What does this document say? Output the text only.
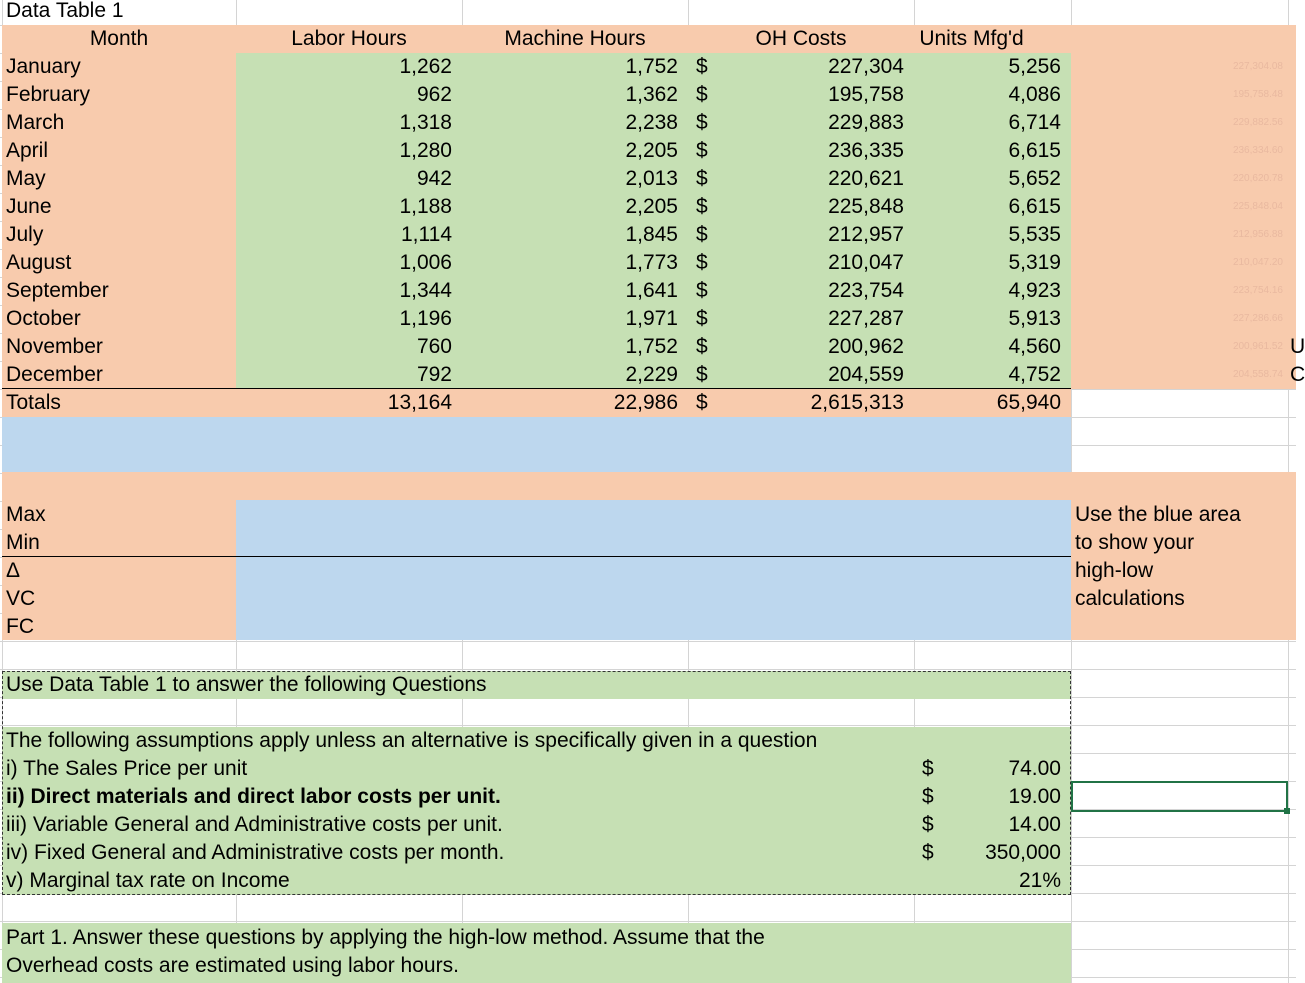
Data Table 1
Month	Labor Hours	Machine Hours	OH Costs	Units Mfg'd
January	1,262	1,752 $	227,304	5,256	227,304.08
February	962	1,362 $	195,758	4,086	195,758.48
March	1,318	2,238 $	229,883	6,714	229,882.56
April	1,280	2,205 $	236,335	6,615	236,334.60
May	942	2,013 $	220,621	5,652	220,620.78
June	1,188	2,205 $	225,848	6,615	225,848.04
July	1,114	1,845 $	212,957	5,535	212,956.88
August	1,006	1,773 $	210,047	5,319	210,047.20
September	1,344	1,641 $	223,754	4,923	223,754.16
October	1,196	1,971 $	227,287	5,913	227,286.66
November	760	1,752 $	200,962	4,560	200,961.52
December	792	2,229 $	204,559	4,752	204,558.74
Totals	13,164	22,986 $	2,615,313	65,940
Max
Min
Δ
VC
FC
Use the blue area
to show your
high-low
calculations
Use Data Table 1 to answer the following Questions
The following assumptions apply unless an alternative is specifically given in a question
i) The Sales Price per unit	$	74.00
ii) Direct materials and direct labor costs per unit.	$	19.00
iii) Variable General and Administrative costs per unit.	$	14.00
iv) Fixed General and Administrative costs per month.	$	350,000
v) Marginal tax rate on Income	21%
Part 1. Answer these questions by applying the high-low method. Assume that the
Overhead costs are estimated using labor hours.
U
C
